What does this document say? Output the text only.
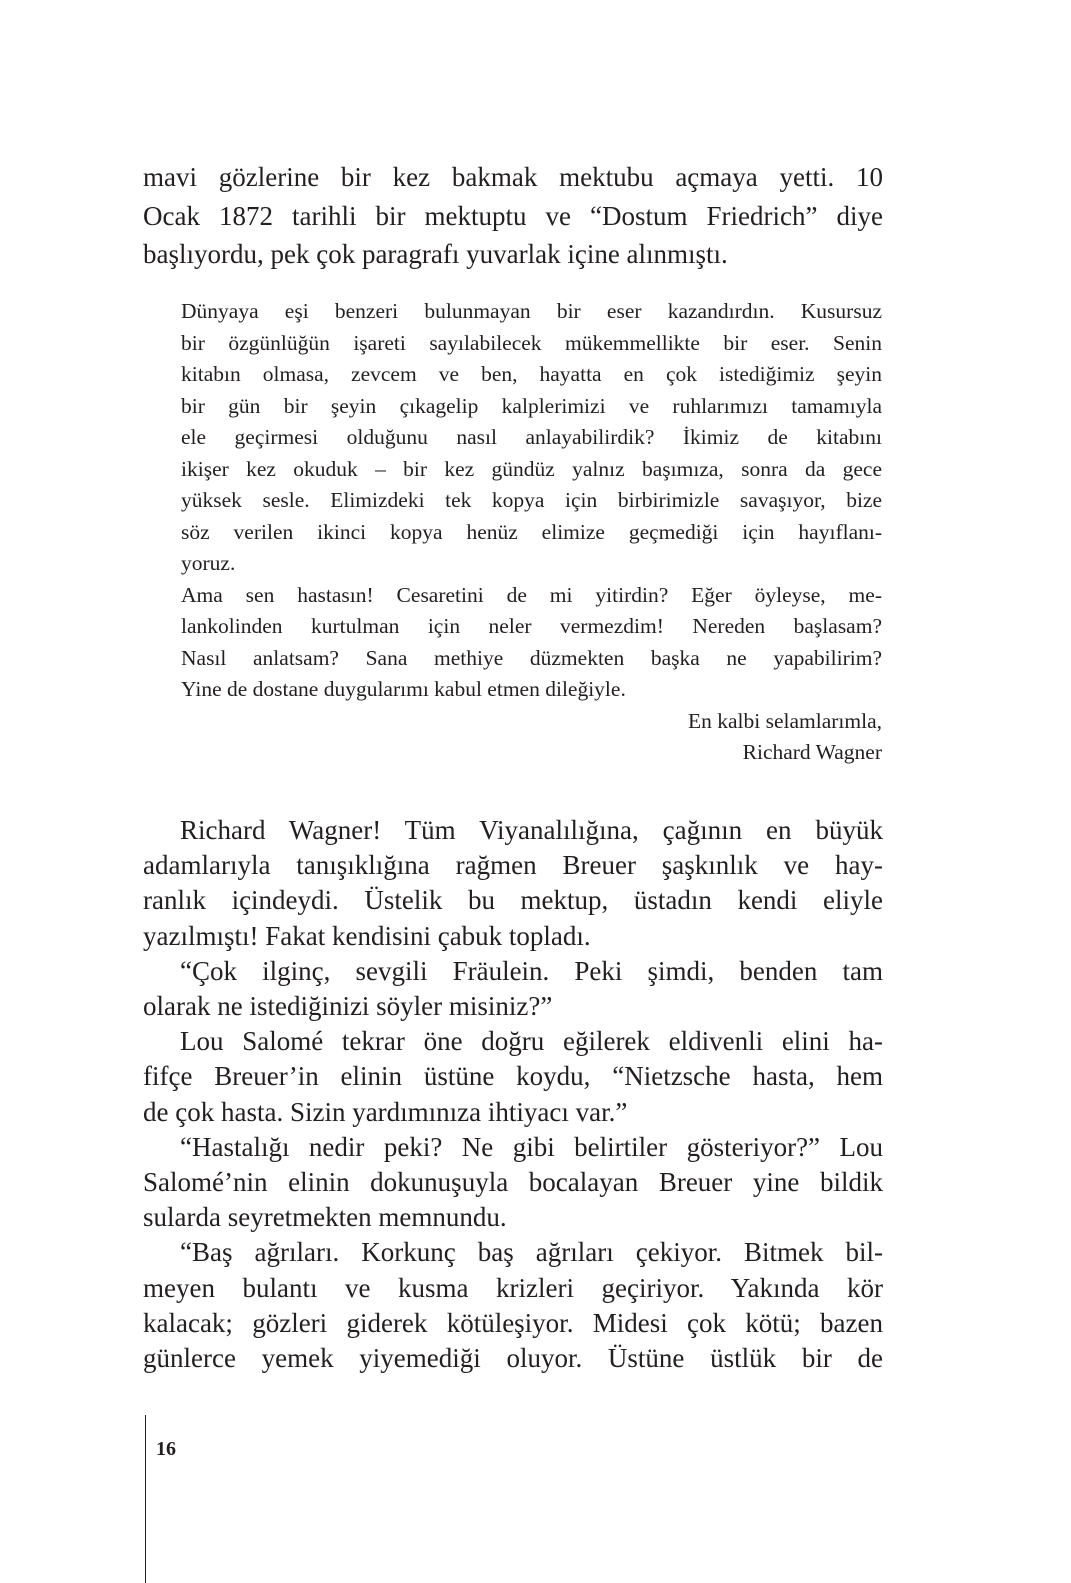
mavi gözlerine bir kez bakmak mektubu açmaya yetti. 10
Ocak 1872 tarihli bir mektuptu ve “Dostum Friedrich” diye
başlıyordu, pek çok paragrafı yuvarlak içine alınmıştı.
Dünyaya eşi benzeri bulunmayan bir eser kazandırdın. Kusursuz
bir özgünlüğün işareti sayılabilecek mükemmellikte bir eser. Senin
kitabın olmasa, zevcem ve ben, hayatta en çok istediğimiz şeyin
bir gün bir şeyin çıkagelip kalplerimizi ve ruhlarımızı tamamıyla
ele geçirmesi olduğunu nasıl anlayabilirdik? İkimiz de kitabını
ikişer kez okuduk – bir kez gündüz yalnız başımıza, sonra da gece
yüksek sesle. Elimizdeki tek kopya için birbirimizle savaşıyor, bize
söz verilen ikinci kopya henüz elimize geçmediği için hayıflanı-
yoruz.
Ama sen hastasın! Cesaretini de mi yitirdin? Eğer öyleyse, me-
lankolinden kurtulman için neler vermezdim! Nereden başlasam?
Nasıl anlatsam? Sana methiye düzmekten başka ne yapabilirim?
Yine de dostane duygularımı kabul etmen dileğiyle.
En kalbi selamlarımla,
Richard Wagner
Richard Wagner! Tüm Viyanalılığına, çağının en büyük
adamlarıyla tanışıklığına rağmen Breuer şaşkınlık ve hay-
ranlık içindeydi. Üstelik bu mektup, üstadın kendi eliyle
yazılmıştı! Fakat kendisini çabuk topladı.
“Çok ilginç, sevgili Fräulein. Peki şimdi, benden tam
olarak ne istediğinizi söyler misiniz?”
Lou Salomé tekrar öne doğru eğilerek eldivenli elini ha-
fifçe Breuer’in elinin üstüne koydu, “Nietzsche hasta, hem
de çok hasta. Sizin yardımınıza ihtiyacı var.”
“Hastalığı nedir peki? Ne gibi belirtiler gösteriyor?” Lou
Salomé’nin elinin dokunuşuyla bocalayan Breuer yine bildik
sularda seyretmekten memnundu.
“Baş ağrıları. Korkunç baş ağrıları çekiyor. Bitmek bil-
meyen bulantı ve kusma krizleri geçiriyor. Yakında kör
kalacak; gözleri giderek kötüleşiyor. Midesi çok kötü; bazen
günlerce yemek yiyemediği oluyor. Üstüne üstlük bir de
16
